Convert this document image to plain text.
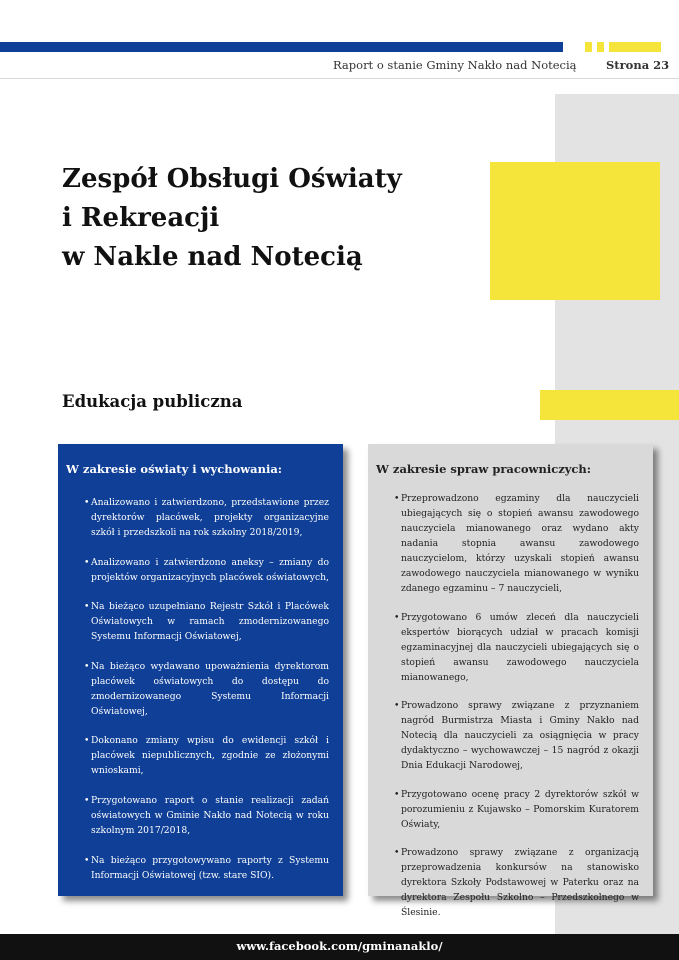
Raport o stanie Gminy Nakło nad Notecią	Strona 23
Zespół Obsługi Oświaty
i Rekreacji
w Nakle nad Notecią
Edukacja publiczna
W zakresie oświaty i wychowania:
• Analizowano i zatwierdzono, przedstawione przez dyrektorów placówek, projekty organizacyjne szkół i przedszkoli na rok szkolny 2018/2019,
• Analizowano i zatwierdzono aneksy – zmiany do projektów organizacyjnych placówek oświatowych,
• Na bieżąco uzupełniano Rejestr Szkół i Placówek Oświatowych w ramach zmodernizowanego Systemu Informacji Oświatowej,
• Na bieżąco wydawano upoważnienia dyrektorom placówek oświatowych do dostępu do zmodernizowanego Systemu Informacji Oświatowej,
• Dokonano zmiany wpisu do ewidencji szkół i placówek niepublicznych, zgodnie ze złożonymi wnioskami,
• Przygotowano raport o stanie realizacji zadań oświatowych w Gminie Nakło nad Notecią w roku szkolnym 2017/2018,
• Na bieżąco przygotowywano raporty z Systemu Informacji Oświatowej (tzw. stare SIO).
W zakresie spraw pracowniczych:
• Przeprowadzono egzaminy dla nauczycieli ubiegających się o stopień awansu zawodowego nauczyciela mianowanego oraz wydano akty nadania stopnia awansu zawodowego nauczycielom, którzy uzyskali stopień awansu zawodowego nauczyciela mianowanego w wyniku zdanego egzaminu – 7 nauczycieli,
• Przygotowano 6 umów zleceń dla nauczycieli ekspertów biorących udział w pracach komisji egzaminacyjnej dla nauczycieli ubiegających się o stopień awansu zawodowego nauczyciela mianowanego,
• Prowadzono sprawy związane z przyznaniem nagród Burmistrza Miasta i Gminy Nakło nad Notecią dla nauczycieli za osiągnięcia w pracy dydaktyczno – wychowawczej – 15 nagród z okazji Dnia Edukacji Narodowej,
• Przygotowano ocenę pracy 2 dyrektorów szkół w porozumieniu z Kujawsko – Pomorskim Kuratorem Oświaty,
• Prowadzono sprawy związane z organizacją przeprowadzenia konkursów na stanowisko dyrektora Szkoły Podstawowej w Paterku oraz na dyrektora Zespołu Szkolno – Przedszkolnego w Ślesinie.
www.facebook.com/gminanaklo/
